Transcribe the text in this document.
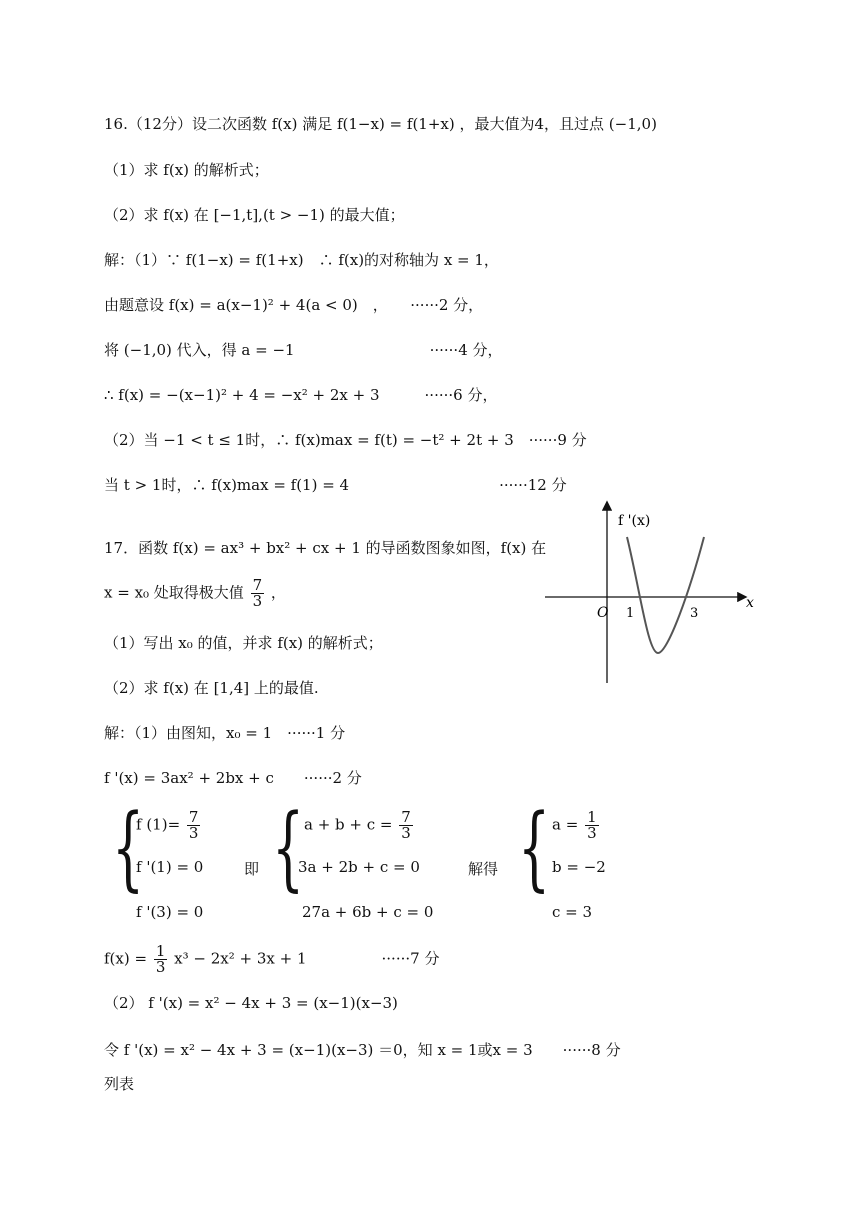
16.（12分）设二次函数 f(x) 满足 f(1−x) = f(1+x) ，最大值为4，且过点 (−1,0)
（1）求 f(x) 的解析式；
（2）求 f(x) 在 [−1,t],(t > −1) 的最大值；
解：（1）∵ f(1−x) = f(1+x)　∴ f(x)的对称轴为 x = 1，
由题意设 f(x) = a(x−1)² + 4(a < 0)　，　　······2 分，
将 (−1,0) 代入，得 a = −1　　　　　　　　　······4 分，
∴ f(x) = −(x−1)² + 4 = −x² + 2x + 3　　　······6 分，
（2）当 −1 < t ≤ 1时，∴ f(x)max = f(t) = −t² + 2t + 3　······9 分
当 t > 1时，∴ f(x)max = f(1) = 4　　　　　　　　　　······12 分
17．函数 f(x) = ax³ + bx² + cx + 1 的导函数图象如图，f(x) 在
x = x₀ 处取得极大值 $\frac{7}{3}$ ，
（1）写出 x₀ 的值，并求 f(x) 的解析式；
（2）求 f(x) 在 [1,4] 上的最值.
f '(x)
x
O 1	3
解：（1）由图知，x₀ = 1　······1 分
f '(x) = 3ax² + 2bx + c　　······2 分
{
f $(1)= \frac{7}{3}$
f '(1) = 0
f '(3) = 0
即 { $a + b + c = \frac{7}{3}$
3a + 2b + c = 0
27a + 6b + c = 0
解得 { $a = \frac{1}{3}$
b = −2
c = 3
$f(x) = \frac{1}{3} x^3 - 2x^2 + 3x + 1$　　　　　······7 分
（2） f '(x) = x² − 4x + 3 = (x−1)(x−3)
令 f '(x) = x² − 4x + 3 = (x−1)(x−3) ＝0，知 x = 1或x = 3　　······8 分
列表
